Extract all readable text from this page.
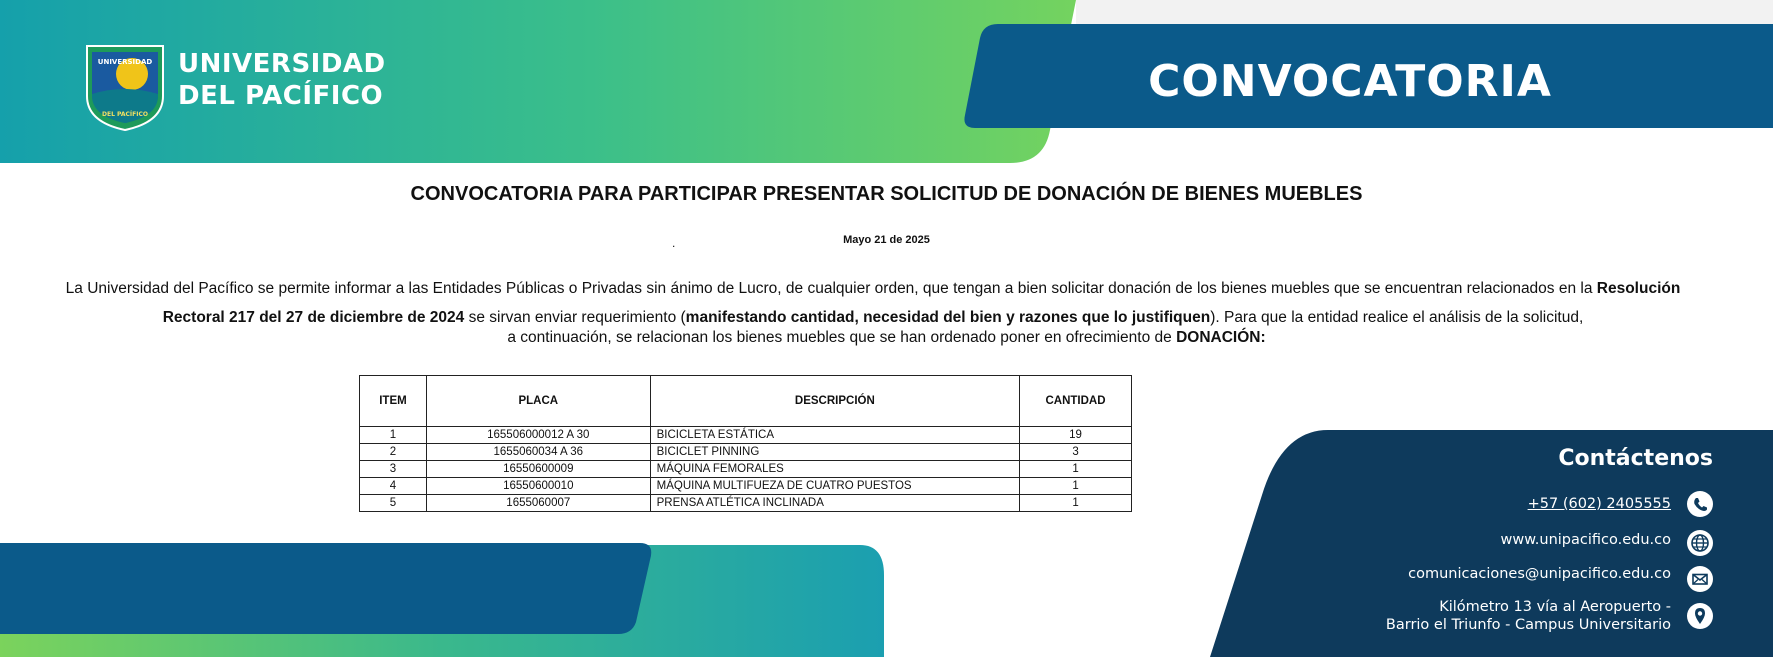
UNIVERSIDAD
DEL PACÍFICO
UNIVERSIDAD
DEL PACÍFICO	CONVOCATORIA
CONVOCATORIA PARA PARTICIPAR PRESENTAR SOLICITUD DE DONACIÓN DE BIENES MUEBLES
.	Mayo 21 de 2025
La Universidad del Pacífico se permite informar a las Entidades Públicas o Privadas sin ánimo de Lucro, de cualquier orden, que tengan a bien solicitar donación de los bienes muebles que se encuentran relacionados en la Resolución Rectoral 217 del 27 de diciembre de 2024 se sirvan enviar requerimiento (manifestando cantidad, necesidad del bien y razones que lo justifiquen). Para que la entidad realice el análisis de la solicitud,
a continuación, se relacionan los bienes muebles que se han ordenado poner en ofrecimiento de DONACIÓN:
ITEM	PLACA	DESCRIPCIÓN	CANTIDAD
1	165506000012 A 30	BICICLETA ESTÁTICA	19
2	1655060034 A 36	BICICLET PINNING	3
3	16550600009	MÁQUINA FEMORALES	1
4	16550600010	MÁQUINA MULTIFUEZA DE CUATRO PUESTOS	1
5	1655060007	PRENSA ATLÉTICA INCLINADA	1
Contáctenos
+57 (602) 2405555
www.unipacifico.edu.co
comunicaciones@unipacifico.edu.co
Kilómetro 13 vía al Aeropuerto -
Barrio el Triunfo - Campus Universitario
